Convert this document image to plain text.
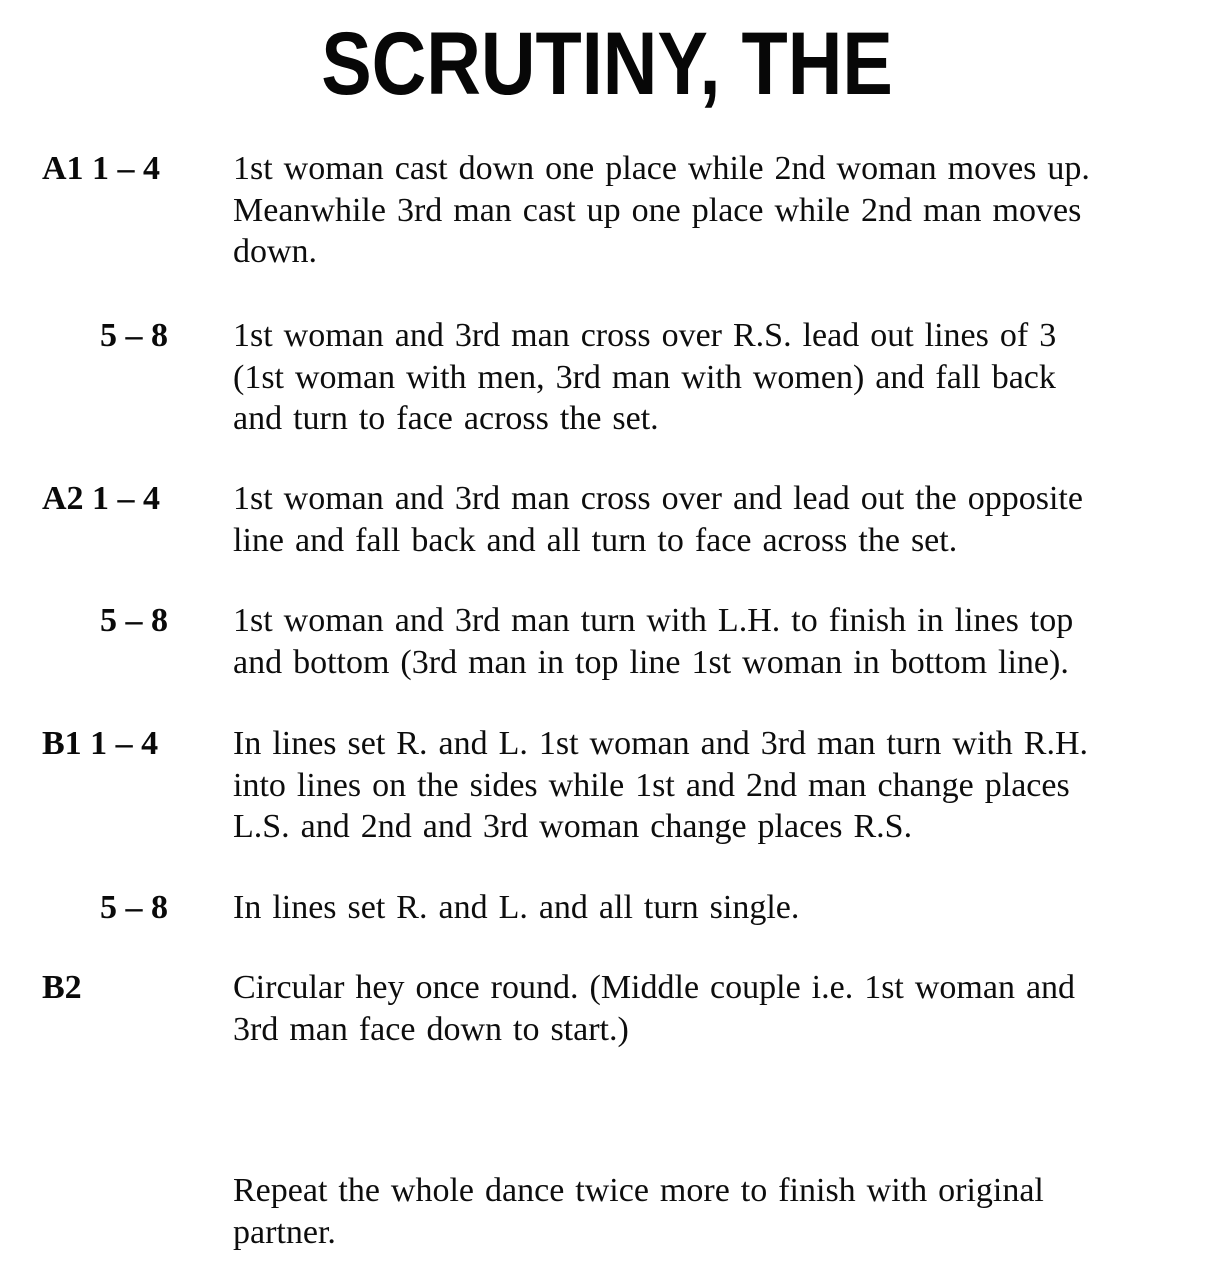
SCRUTINY, THE
A1 1 – 4 1st woman cast down one place while 2nd woman moves up.
Meanwhile 3rd man cast up one place while 2nd man moves
down.
5 – 8 1st woman and 3rd man cross over R.S. lead out lines of 3
(1st woman with men, 3rd man with women) and fall back
and turn to face across the set.
A2 1 – 4 1st woman and 3rd man cross over and lead out the opposite
line and fall back and all turn to face across the set.
5 – 8 1st woman and 3rd man turn with L.H. to finish in lines top
and bottom (3rd man in top line 1st woman in bottom line).
B1 1 – 4 In lines set R. and L. 1st woman and 3rd man turn with R.H.
into lines on the sides while 1st and 2nd man change places
L.S. and 2nd and 3rd woman change places R.S.
5 – 8 In lines set R. and L. and all turn single.
B2	Circular hey once round. (Middle couple i.e. 1st woman and
3rd man face down to start.)
Repeat the whole dance twice more to finish with original
partner.
